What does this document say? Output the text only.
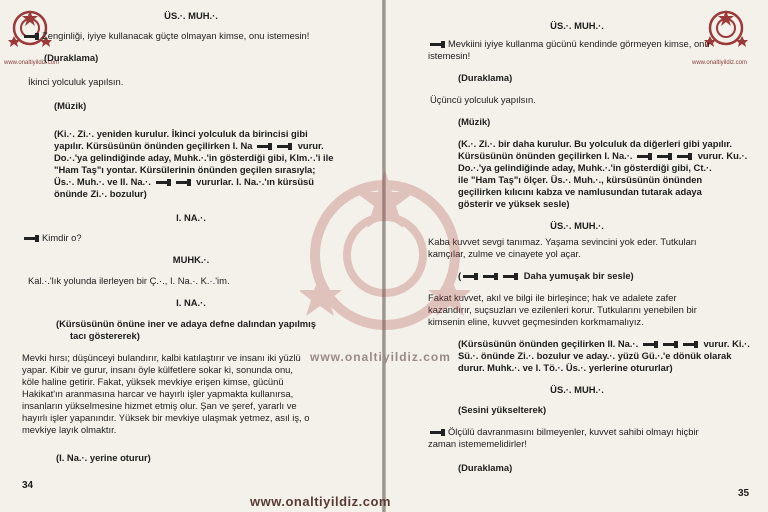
www.onaltiyildiz.com
ÜS.·. MUH.·.
Zenginliği, iyiye kullanacak güçte olmayan kimse, onu istemesin!
(Duraklama)
İkinci yolculuk yapılsın.
(Müzik)
(Ki.·. Zi.·. yeniden kurulur. İkinci yolculuk da birincisi gibi
yapılır. Kürsüsünün önünden geçilirken I. Na	vurur.
Do.·.'ya gelindiğinde aday, Muhk.·.'in gösterdiği gibi, Klm.·.'i ile
"Ham Taş"ı yontar. Kürsülerinin önünden geçilen sırasıyla;
Üs.·. Muh.·. ve II. Na.·.	vururlar. I. Na.·.'ın kürsüsü
önünde Zi.·. bozulur)
I. NA.·.
Kimdir o?
MUHK.·.
Kal.·.'lık yolunda ilerleyen bir Ç.·., I. Na.·. K.·.'im.
I. NA.·.
(Kürsüsünün önüne iner ve adaya defne dalından yapılmış
tacı göstererek)
Mevki hırsı; düşünceyi bulandırır, kalbi katılaştırır ve insanı iki yüzlü
yapar. Kibir ve gurur, insanı öyle külfetlere sokar ki, sonunda onu,
köle haline getirir. Fakat, yüksek mevkiye erişen kimse, gücünü
Hakikat'ın aranmasına harcar ve hayırlı işler yapmakta kullanırsa,
insanların yükselmesine hizmet etmiş olur. Şan ve şeref, yararlı ve
hayırlı işler yapanındır. Yüksek bir mevkiye ulaşmak yetmez, asıl iş, o
mevkiye layık olmaktır.
(I. Na.·. yerine oturur)
34
www.onaltiyildiz.com
ÜS.·. MUH.·.
Mevkiini iyiye kullanma gücünü kendinde görmeyen kimse, onu
istemesin!
(Duraklama)
Üçüncü yolculuk yapılsın.
(Müzik)
(K.·. Zi.·. bir daha kurulur. Bu yolculuk da diğerleri gibi yapılır.
Kürsüsünün önünden geçilirken I. Na.·.	vurur. Ku.·.
Do.·.'ya gelindiğinde aday, Muhk.·.'in gösterdiği gibi, Ct.·.
ile "Ham Taş"ı ölçer. Üs.·. Muh.·., kürsüsünün önünden
geçilirken kılıcını kabza ve namlusundan tutarak adaya
gösterir ve yüksek sesle)
ÜS.·. MUH.·.
Kaba kuvvet sevgi tanımaz. Yaşama sevincini yok eder. Tutkuları
kamçılar, zulme ve cinayete yol açar.
(	Daha yumuşak bir sesle)
Fakat kuvvet, akıl ve bilgi ile birleşince; hak ve adalete zafer
kazandırır, suçsuzları ve ezilenleri korur. Tutkularını yenebilen bir
kimsenin eline, kuvvet geçmesinden korkmamalıyız.
(Kürsüsünün önünden geçilirken II. Na.·.	vurur. Ki.·.
Sü.·. önünde Zi.·. bozulur ve aday.·. yüzü Gü.·.'e dönük olarak
durur. Muhk.·. ve I. Tö.·. Üs.·. yerlerine otururlar)
ÜS.·. MUH.·.
(Sesini yükselterek)
Ölçülü davranmasını bilmeyenler, kuvvet sahibi olmayı hiçbir
zaman istememelidirler!
(Duraklama)
35
www.onaltiyildiz.com
www.onaltiyildiz.com
